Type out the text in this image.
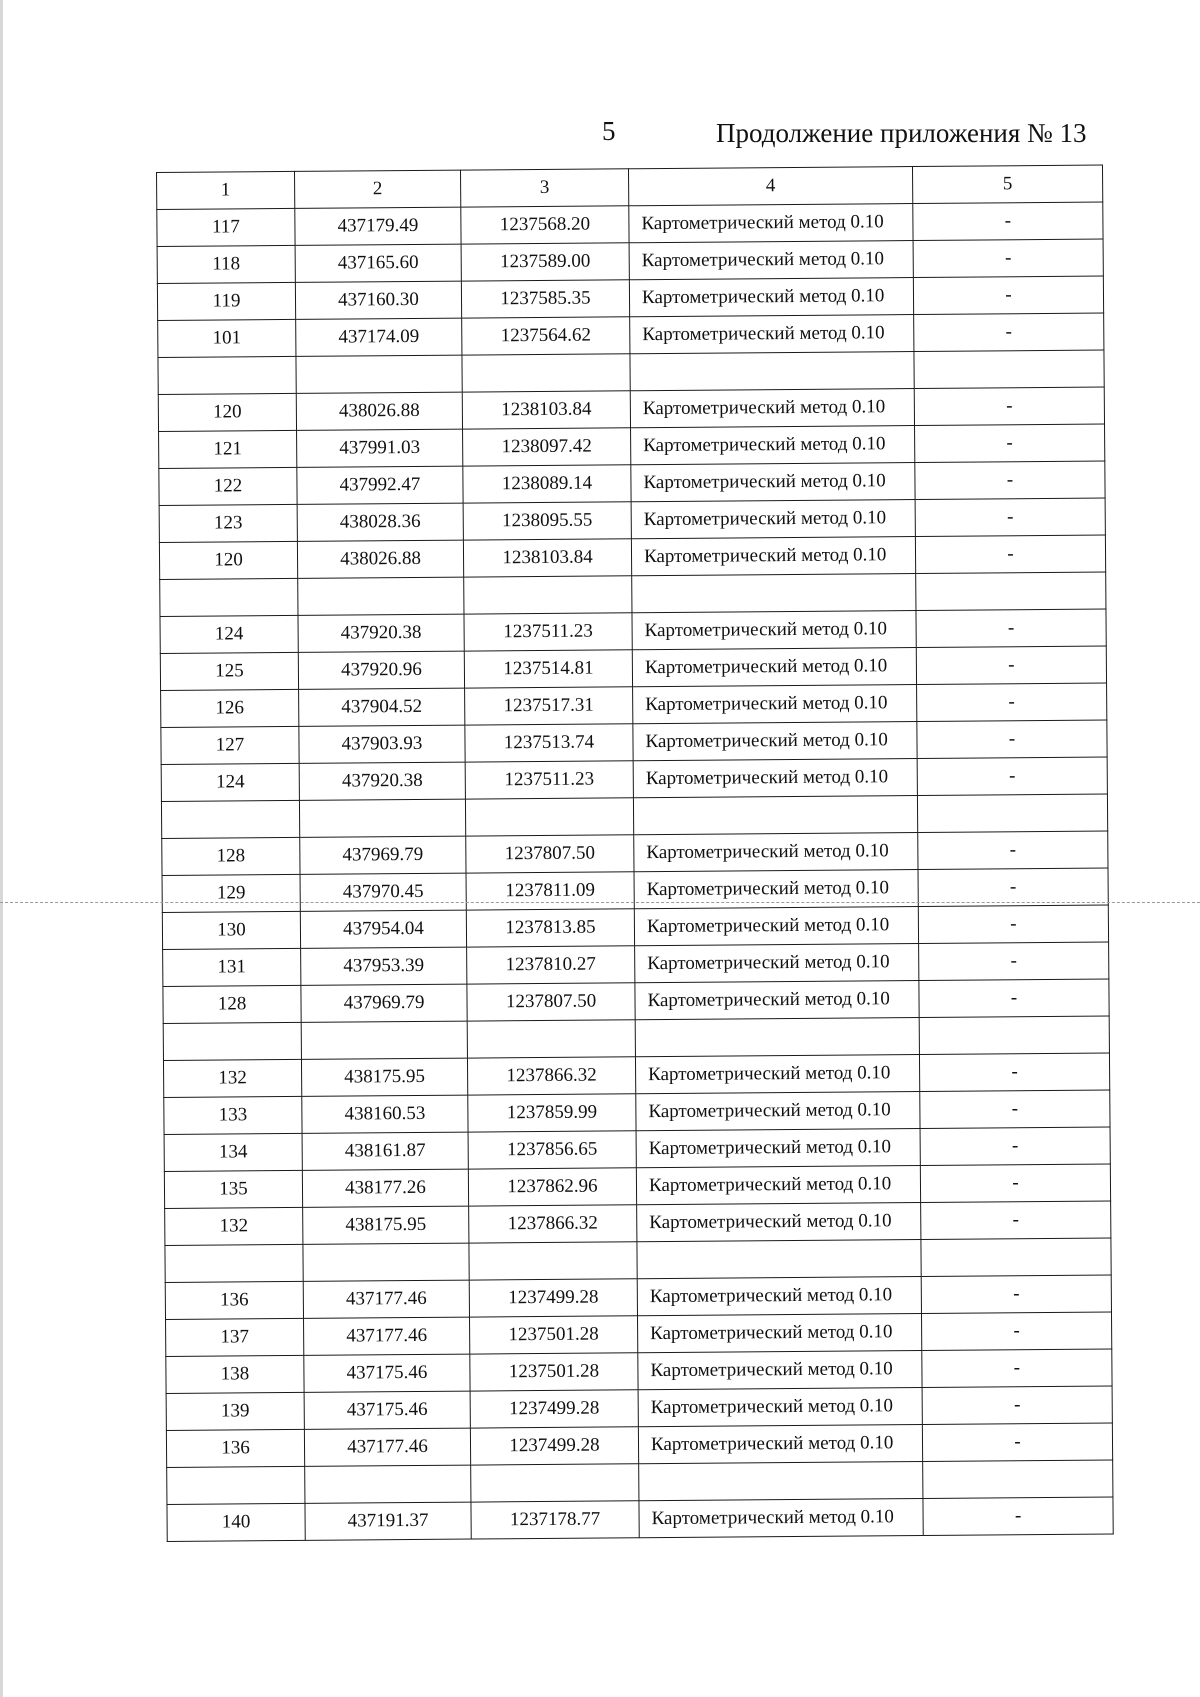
5	Продолжение приложения № 13
1	2	3	4	5
117	437179.49	1237568.20	Картометрический метод 0.10	-
118	437165.60	1237589.00	Картометрический метод 0.10	-
119	437160.30	1237585.35	Картометрический метод 0.10	-
101	437174.09	1237564.62	Картометрический метод 0.10	-

120	438026.88	1238103.84	Картометрический метод 0.10	-
121	437991.03	1238097.42	Картометрический метод 0.10	-
122	437992.47	1238089.14	Картометрический метод 0.10	-
123	438028.36	1238095.55	Картометрический метод 0.10	-
120	438026.88	1238103.84	Картометрический метод 0.10	-

124	437920.38	1237511.23	Картометрический метод 0.10	-
125	437920.96	1237514.81	Картометрический метод 0.10	-
126	437904.52	1237517.31	Картометрический метод 0.10	-
127	437903.93	1237513.74	Картометрический метод 0.10	-
124	437920.38	1237511.23	Картометрический метод 0.10	-

128	437969.79	1237807.50	Картометрический метод 0.10	-
129	437970.45	1237811.09	Картометрический метод 0.10	-
130	437954.04	1237813.85	Картометрический метод 0.10	-
131	437953.39	1237810.27	Картометрический метод 0.10	-
128	437969.79	1237807.50	Картометрический метод 0.10	-

132	438175.95	1237866.32	Картометрический метод 0.10	-
133	438160.53	1237859.99	Картометрический метод 0.10	-
134	438161.87	1237856.65	Картометрический метод 0.10	-
135	438177.26	1237862.96	Картометрический метод 0.10	-
132	438175.95	1237866.32	Картометрический метод 0.10	-

136	437177.46	1237499.28	Картометрический метод 0.10	-
137	437177.46	1237501.28	Картометрический метод 0.10	-
138	437175.46	1237501.28	Картометрический метод 0.10	-
139	437175.46	1237499.28	Картометрический метод 0.10	-
136	437177.46	1237499.28	Картометрический метод 0.10	-

140	437191.37	1237178.77	Картометрический метод 0.10	-
